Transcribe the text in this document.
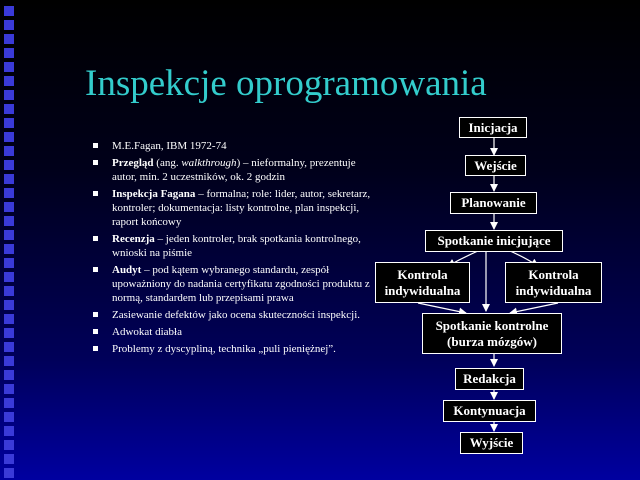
Inspekcje oprogramowania
M.E.Fagan, IBM 1972-74
Przegląd (ang. walkthrough) – nieformalny, prezentuje autor, min. 2 uczestników, ok. 2 godzin
Inspekcja Fagana – formalna; role: lider, autor, sekretarz, kontroler; dokumentacja: listy kontrolne, plan inspekcji, raport końcowy
Recenzja – jeden kontroler, brak spotkania kontrolnego, wnioski na piśmie
Audyt – pod kątem wybranego standardu, zespół upoważniony do nadania certyfikatu zgodności produktu z normą, standardem lub przepisami prawa
Zasiewanie defektów jako ocena skuteczności inspekcji.
Adwokat diabła
Problemy z dyscypliną, technika „puli pieniężnej”.
Inicjacja
Wejście
Planowanie
Spotkanie inicjujące
Kontrola indywidualna
Kontrola indywidualna
Spotkanie kontrolne (burza mózgów)
Redakcja
Kontynuacja
Wyjście
